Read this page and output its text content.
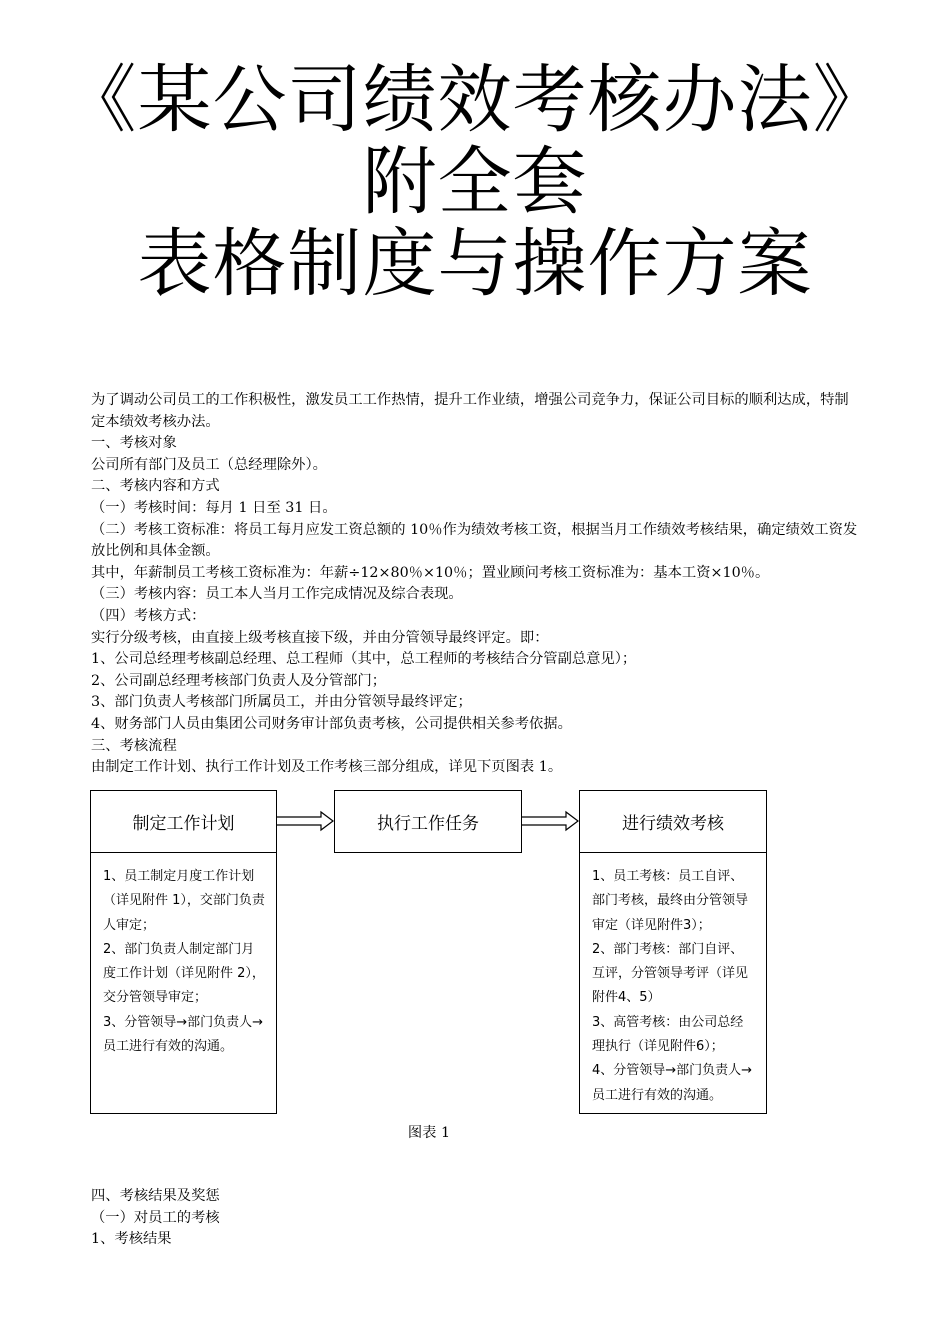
《某公司绩效考核办法》
附全套
表格制度与操作方案

为了调动公司员工的工作积极性，激发员工工作热情，提升工作业绩，增强公司竞争力，保证公司目标的顺利达成，特制定本绩效考核办法。

一、考核对象

公司所有部门及员工（总经理除外）。

二、考核内容和方式

（一）考核时间：每月 1 日至 31 日。

（二）考核工资标准：将员工每月应发工资总额的 10％作为绩效考核工资，根据当月工作绩效考核结果，确定绩效工资发放比例和具体金额。

其中，年薪制员工考核工资标准为：年薪÷12×80％×10％；置业顾问考核工资标准为：基本工资×10％。

（三）考核内容：员工本人当月工作完成情况及综合表现。

（四）考核方式：

实行分级考核，由直接上级考核直接下级，并由分管领导最终评定。即：

1、公司总经理考核副总经理、总工程师（其中，总工程师的考核结合分管副总意见）；

2、公司副总经理考核部门负责人及分管部门；

3、部门负责人考核部门所属员工，并由分管领导最终评定；

4、财务部门人员由集团公司财务审计部负责考核，公司提供相关参考依据。

三、考核流程

由制定工作计划、执行工作计划及工作考核三部分组成，详见下页图表 1。

制定工作计划

1、员工制定月度工作计划（详见附件 1），交部门负责人审定；

2、部门负责人制定部门月度工作计划（详见附件 2），交分管领导审定；

3、分管领导→部门负责人→员工进行有效的沟通。

执行工作任务	进行绩效考核

1、员工考核：员工自评、部门考核，最终由分管领导审定（详见附件3）；

2、部门考核：部门自评、互评，分管领导考评（详见附件4、5）

3、高管考核：由公司总经理执行（详见附件6）；

4、分管领导→部门负责人→员工进行有效的沟通。

图表 1

四、考核结果及奖惩

（一）对员工的考核

1、考核结果
